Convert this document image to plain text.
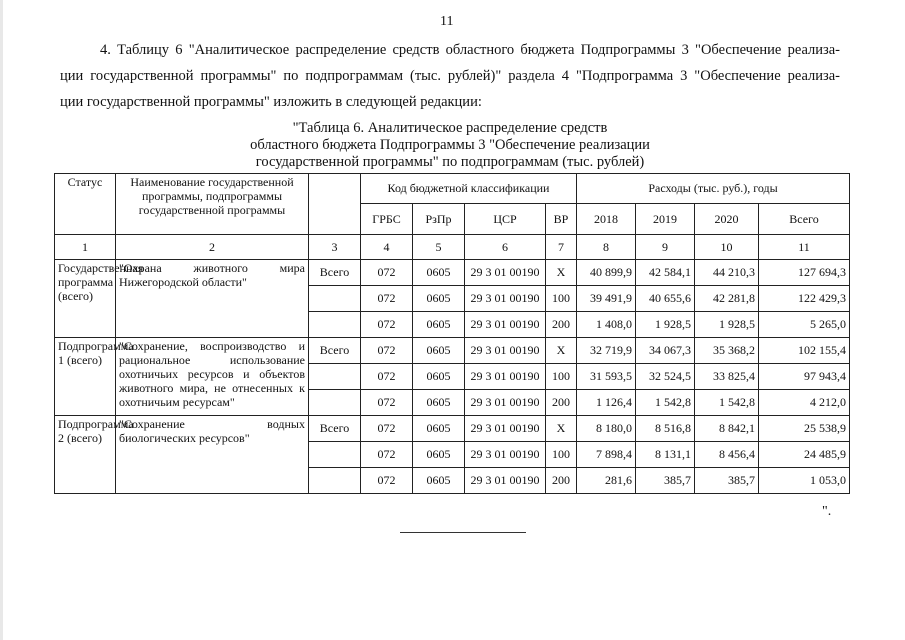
11
4. Таблицу 6 "Аналитическое распределение средств областного бюджета Подпрограммы 3 "Обеспечение реализа-
ции государственной программы" по подпрограммам (тыс. рублей)" раздела 4 "Подпрограмма 3 "Обеспечение реализа-
ции государственной программы" изложить в следующей редакции:
"Таблица 6. Аналитическое распределение средств
областного бюджета Подпрограммы 3 "Обеспечение реализации
государственной программы" по подпрограммам (тыс. рублей)
Статус	Наименование государственной программы, подпрограммы государственной программы		Код бюджетной классификации				Расходы (тыс. руб.), годы			
			ГРБС	РзПр	ЦСР	ВР	2018	2019	2020	Всего
1	2	3	4	5	6	7	8	9	10	11
Государственная программа (всего)	"Охрана животного мира Нижегородской области"	Всего	072	0605	29 3 01 00190	Х	40 899,9	42 584,1	44 210,3	127 694,3
			072	0605	29 3 01 00190	100	39 491,9	40 655,6	42 281,8	122 429,3
			072	0605	29 3 01 00190	200	1 408,0	1 928,5	1 928,5	5 265,0
Подпрограмма 1 (всего)	"Сохранение, воспроизводство и рациональное использование охотничьих ресурсов и объектов животного мира, не отнесенных к охотничьим ресурсам"	Всего	072	0605	29 3 01 00190	Х	32 719,9	34 067,3	35 368,2	102 155,4
			072	0605	29 3 01 00190	100	31 593,5	32 524,5	33 825,4	97 943,4
			072	0605	29 3 01 00190	200	1 126,4	1 542,8	1 542,8	4 212,0
Подпрограмма 2 (всего)	"Сохранение водных биологических ресурсов"	Всего	072	0605	29 3 01 00190	Х	8 180,0	8 516,8	8 842,1	25 538,9
			072	0605	29 3 01 00190	100	7 898,4	8 131,1	8 456,4	24 485,9
			072	0605	29 3 01 00190	200	281,6	385,7	385,7	1 053,0
".
